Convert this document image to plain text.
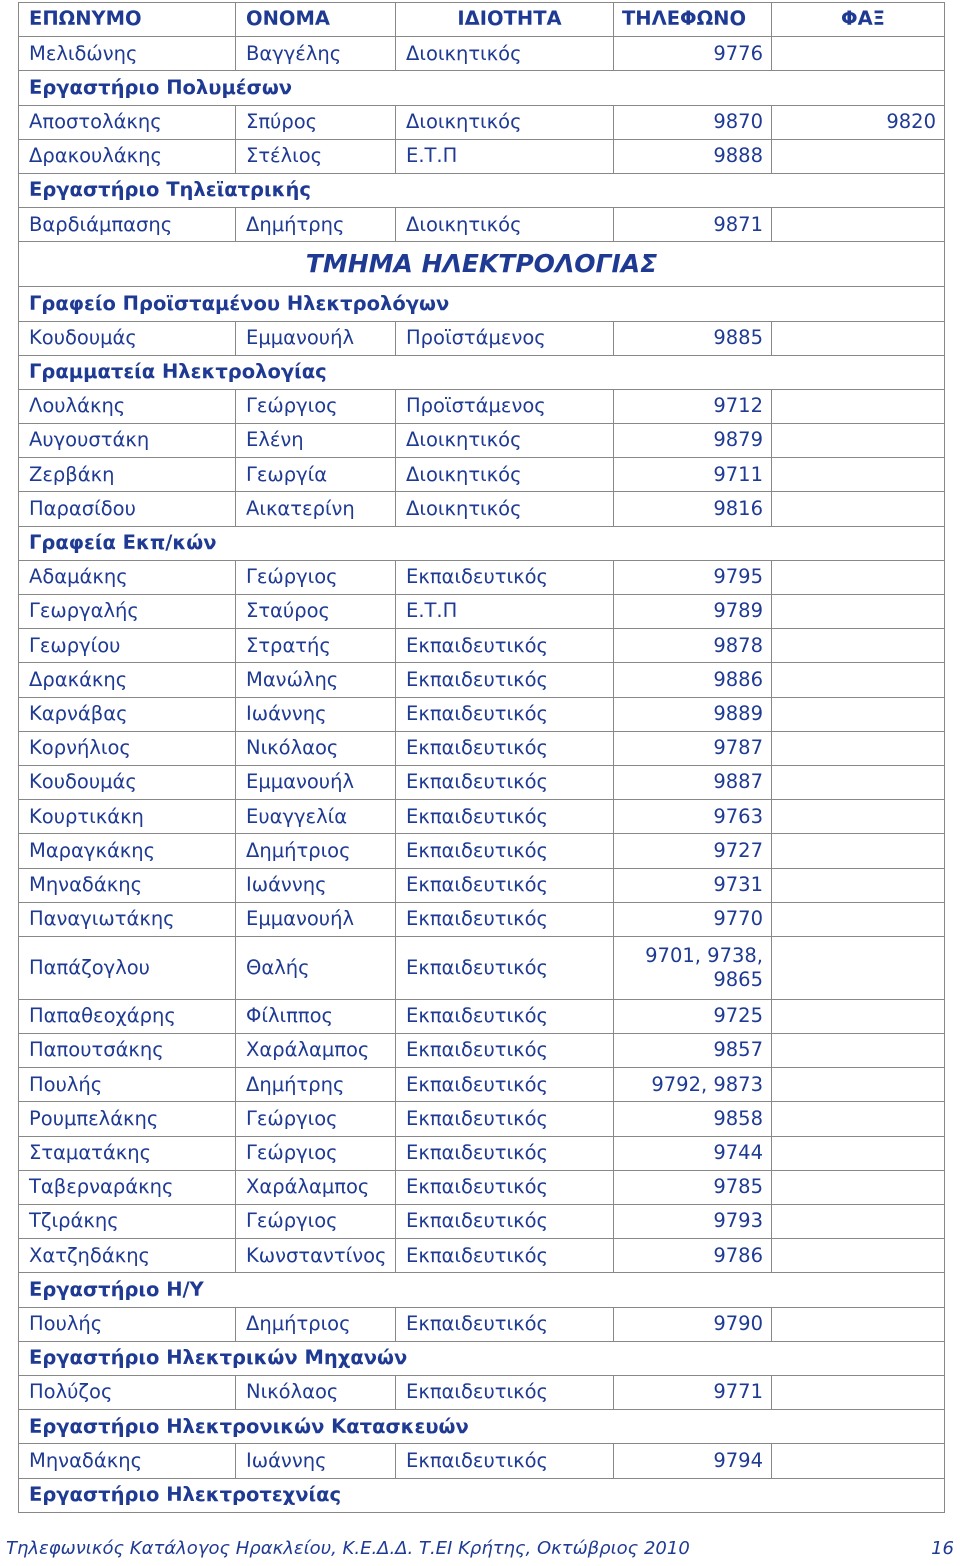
ΕΠΩΝΥΜΟ	ΟΝΟΜΑ	ΙΔΙΟΤΗΤΑ	ΤΗΛΕΦΩΝΟ	ΦΑΞ
Μελιδώνης	Βαγγέλης	Διοικητικός	9776	
Εργαστήριο Πολυμέσων				
Αποστολάκης	Σπύρος	Διοικητικός	9870	9820
Δρακουλάκης	Στέλιος	Ε.Τ.Π	9888	
Εργαστήριο Τηλεϊατρικής				
Βαρδιάμπασης	Δημήτρης	Διοικητικός	9871	
ΤΜΗΜΑ ΗΛΕΚΤΡΟΛΟΓΙΑΣ				
Γραφείο Προϊσταμένου Ηλεκτρολόγων				
Κουδουμάς	Εμμανουήλ	Προϊστάμενος	9885	
Γραμματεία Ηλεκτρολογίας				
Λουλάκης	Γεώργιος	Προϊστάμενος	9712	
Αυγουστάκη	Ελένη	Διοικητικός	9879	
Ζερβάκη	Γεωργία	Διοικητικός	9711	
Παρασίδου	Αικατερίνη	Διοικητικός	9816	
Γραφεία Εκπ/κών				
Αδαμάκης	Γεώργιος	Εκπαιδευτικός	9795	
Γεωργαλής	Σταύρος	Ε.Τ.Π	9789	
Γεωργίου	Στρατής	Εκπαιδευτικός	9878	
Δρακάκης	Μανώλης	Εκπαιδευτικός	9886	
Καρνάβας	Ιωάννης	Εκπαιδευτικός	9889	
Κορνήλιος	Νικόλαος	Εκπαιδευτικός	9787	
Κουδουμάς	Εμμανουήλ	Εκπαιδευτικός	9887	
Κουρτικάκη	Ευαγγελία	Εκπαιδευτικός	9763	
Μαραγκάκης	Δημήτριος	Εκπαιδευτικός	9727	
Μηναδάκης	Ιωάννης	Εκπαιδευτικός	9731	
Παναγιωτάκης	Εμμανουήλ	Εκπαιδευτικός	9770	
Παπάζογλου	Θαλής	Εκπαιδευτικός	9701, 9738, 9865	
Παπαθεοχάρης	Φίλιππος	Εκπαιδευτικός	9725	
Παπουτσάκης	Χαράλαμπος	Εκπαιδευτικός	9857	
Πουλής	Δημήτρης	Εκπαιδευτικός	9792, 9873	
Ρουμπελάκης	Γεώργιος	Εκπαιδευτικός	9858	
Σταματάκης	Γεώργιος	Εκπαιδευτικός	9744	
Ταβερναράκης	Χαράλαμπος	Εκπαιδευτικός	9785	
Τζιράκης	Γεώργιος	Εκπαιδευτικός	9793	
Χατζηδάκης	Κωνσταντίνος	Εκπαιδευτικός	9786	
Εργαστήριο Η/Υ				
Πουλής	Δημήτριος	Εκπαιδευτικός	9790	
Εργαστήριο Ηλεκτρικών Μηχανών				
Πολύζος	Νικόλαος	Εκπαιδευτικός	9771	
Εργαστήριο Ηλεκτρονικών Κατασκευών				
Μηναδάκης	Ιωάννης	Εκπαιδευτικός	9794	
Εργαστήριο Ηλεκτροτεχνίας				
Τηλεφωνικός Κατάλογος Ηρακλείου, Κ.Ε.Δ.Δ. Τ.ΕΙ Κρήτης, Οκτώβριος 2010	16
